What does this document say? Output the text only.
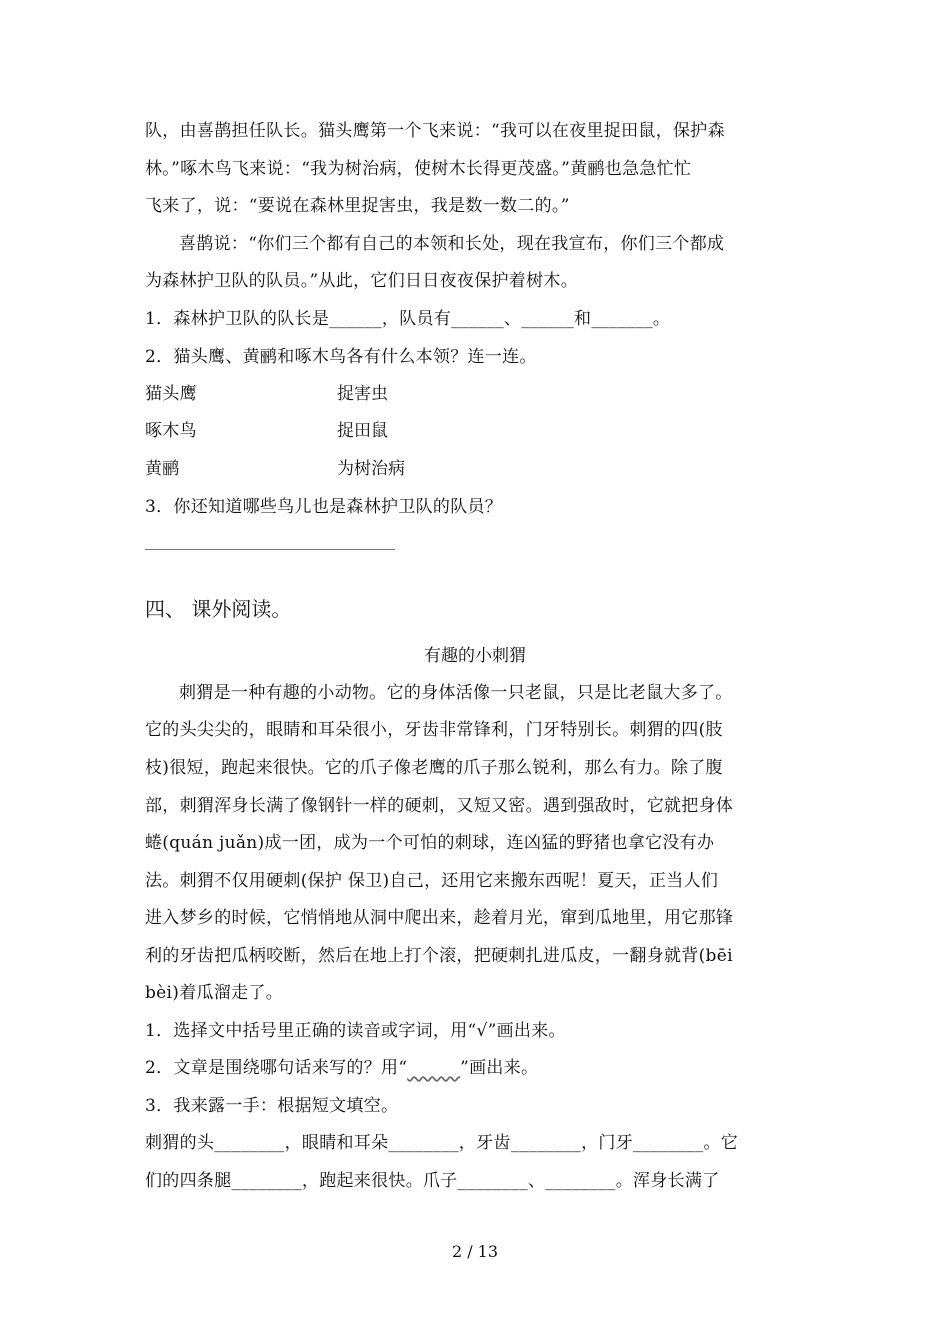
队，由喜鹊担任队长。猫头鹰第一个飞来说：“我可以在夜里捉田鼠，保护森
林。”啄木鸟飞来说：“我为树治病，使树木长得更茂盛。”黄鹂也急急忙忙
飞来了，说：“要说在森林里捉害虫，我是数一数二的。”
喜鹊说：“你们三个都有自己的本领和长处，现在我宣布，你们三个都成
为森林护卫队的队员。”从此，它们日日夜夜保护着树木。
1．森林护卫队的队长是______，队员有______、______和_______。
2．猫头鹰、黄鹂和啄木鸟各有什么本领？连一连。
猫头鹰	捉害虫
啄木鸟	捉田鼠
黄鹂	为树治病
3．你还知道哪些鸟儿也是森林护卫队的队员？
四、 课外阅读。
有趣的小刺猬
刺猬是一种有趣的小动物。它的身体活像一只老鼠，只是比老鼠大多了。
它的头尖尖的，眼睛和耳朵很小，牙齿非常锋利，门牙特别长。刺猬的四(肢
枝)很短，跑起来很快。它的爪子像老鹰的爪子那么锐利，那么有力。除了腹
部，刺猬浑身长满了像钢针一样的硬刺，又短又密。遇到强敌时，它就把身体
蜷(quán juǎn)成一团，成为一个可怕的刺球，连凶猛的野猪也拿它没有办
法。刺猬不仅用硬刺(保护 保卫)自己，还用它来搬东西呢！夏天，正当人们
进入梦乡的时候，它悄悄地从洞中爬出来，趁着月光，窜到瓜地里，用它那锋
利的牙齿把瓜柄咬断，然后在地上打个滚，把硬刺扎进瓜皮，一翻身就背(bēi
bèi)着瓜溜走了。
1．选择文中括号里正确的读音或字词，用“√”画出来。
2．文章是围绕哪句话来写的？用“	”画出来。
3．我来露一手：根据短文填空。
刺猬的头________，眼睛和耳朵________，牙齿________，门牙________。它
们的四条腿________，跑起来很快。爪子________、________。浑身长满了
2 / 13
